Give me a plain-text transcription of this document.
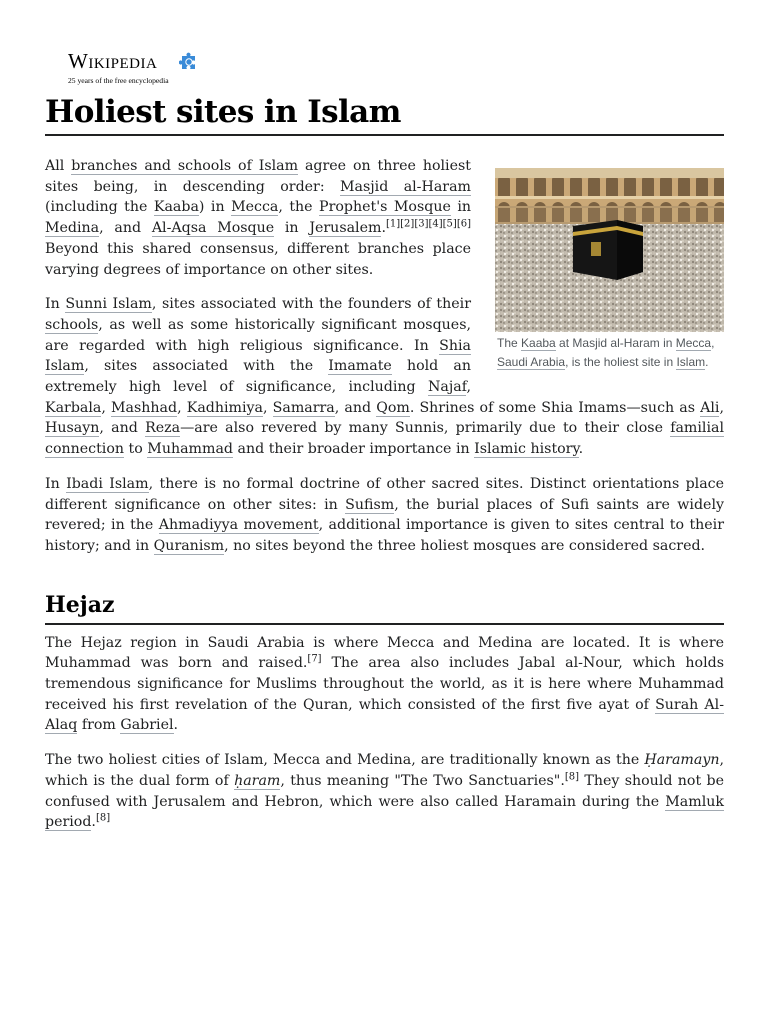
Wikipedia
25 years of the free encyclopedia
Holiest sites in Islam
The Kaaba at Masjid al-Haram in Mecca, Saudi Arabia, is the holiest site in Islam.

All branches and schools of Islam agree on three holiest sites being, in descending order: Masjid al-Haram (including the Kaaba) in Mecca, the Prophet's Mosque in Medina, and Al-Aqsa Mosque in Jerusalem.[1][2][3][4][5][6] Beyond this shared consensus, different branches place varying degrees of importance on other sites.

In Sunni Islam, sites associated with the founders of their schools, as well as some historically significant mosques, are regarded with high religious significance. In Shia Islam, sites associated with the Imamate hold an extremely high level of significance, including Najaf, Karbala, Mashhad, Kadhimiya, Samarra, and Qom. Shrines of some Shia Imams—such as Ali, Husayn, and Reza—are also revered by many Sunnis, primarily due to their close familial connection to Muhammad and their broader importance in Islamic history.

In Ibadi Islam, there is no formal doctrine of other sacred sites. Distinct orientations place different significance on other sites: in Sufism, the burial places of Sufi saints are widely revered; in the Ahmadiyya movement, additional importance is given to sites central to their history; and in Quranism, no sites beyond the three holiest mosques are considered sacred.

Hejaz

The Hejaz region in Saudi Arabia is where Mecca and Medina are located. It is where Muhammad was born and raised.[7] The area also includes Jabal al-Nour, which holds tremendous significance for Muslims throughout the world, as it is here where Muhammad received his first revelation of the Quran, which consisted of the first five ayat of Surah Al-Alaq from Gabriel.

The two holiest cities of Islam, Mecca and Medina, are traditionally known as the Ḥaramayn, which is the dual form of ḥaram, thus meaning "The Two Sanctuaries".[8] They should not be confused with Jerusalem and Hebron, which were also called Haramain during the Mamluk period.[8]
